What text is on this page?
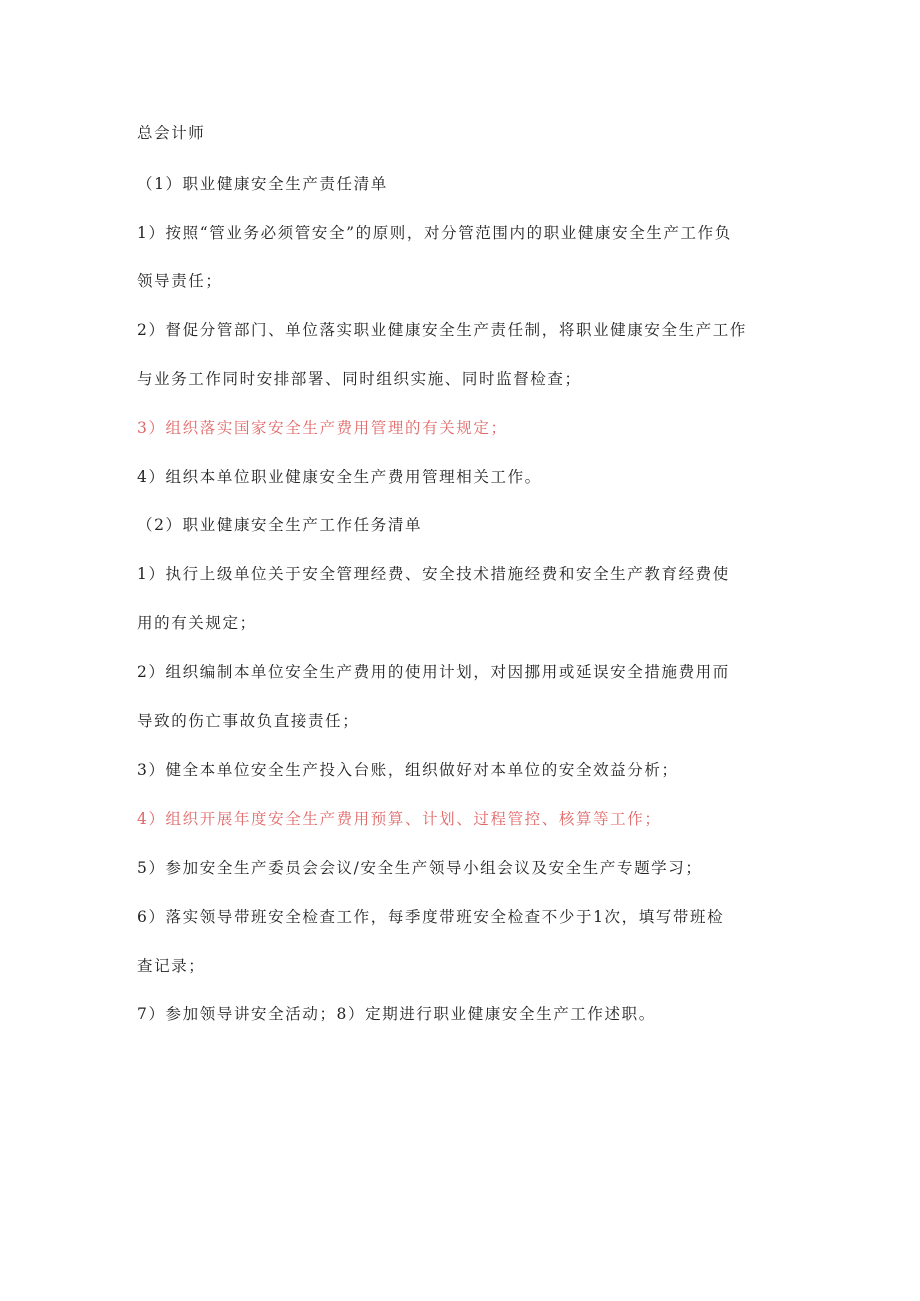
总会计师
（1）职业健康安全生产责任清单
1）按照“管业务必须管安全”的原则，对分管范围内的职业健康安全生产工作负
领导责任；
2）督促分管部门、单位落实职业健康安全生产责任制，将职业健康安全生产工作
与业务工作同时安排部署、同时组织实施、同时监督检查；
3）组织落实国家安全生产费用管理的有关规定；
4）组织本单位职业健康安全生产费用管理相关工作。
（2）职业健康安全生产工作任务清单
1）执行上级单位关于安全管理经费、安全技术措施经费和安全生产教育经费使
用的有关规定；
2）组织编制本单位安全生产费用的使用计划，对因挪用或延误安全措施费用而
导致的伤亡事故负直接责任；
3）健全本单位安全生产投入台账，组织做好对本单位的安全效益分析；
4）组织开展年度安全生产费用预算、计划、过程管控、核算等工作；
5）参加安全生产委员会会议/安全生产领导小组会议及安全生产专题学习；
6）落实领导带班安全检查工作，每季度带班安全检查不少于1次，填写带班检
查记录；
7）参加领导讲安全活动；8）定期进行职业健康安全生产工作述职。
